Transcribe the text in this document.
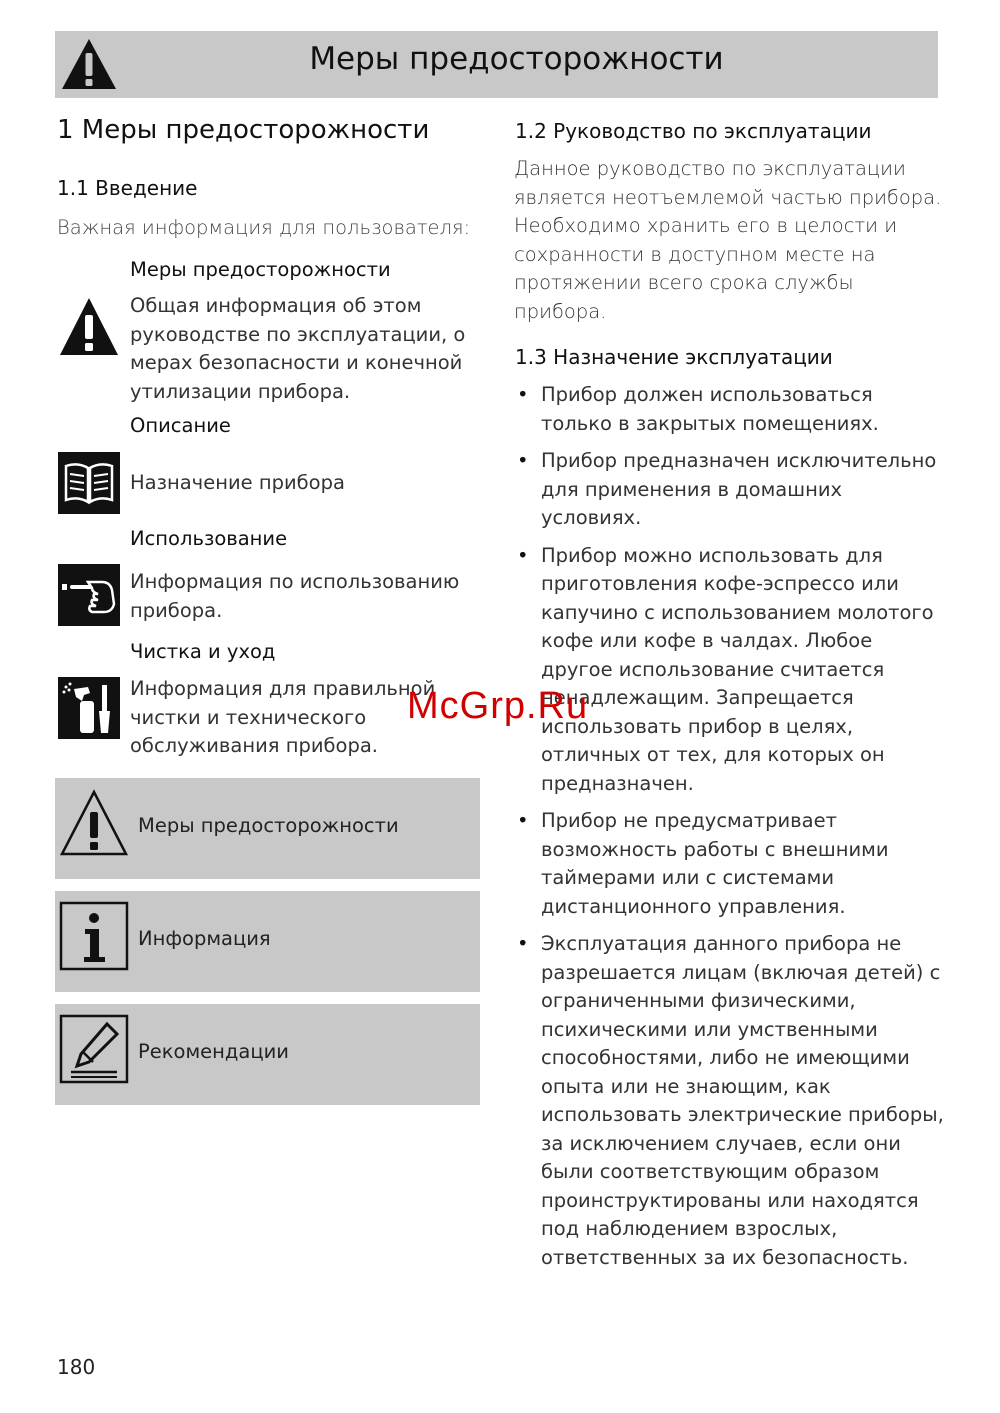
Меры предосторожности
1 Меры предосторожности
1.1 Введение
Важная информация для пользователя:
Меры предосторожности
Общая информация об этом руководстве по эксплуатации, о мерах безопасности и конечной утилизации прибора.
Описание
Назначение прибора
Использование
Информация по использованию прибора.
Чистка и уход
Информация для правильной чистки и технического обслуживания прибора.
Меры предосторожности
Информация
Рекомендации
1.2 Руководство по эксплуатации
Данное руководство по эксплуатации является неотъемлемой частью прибора. Необходимо хранить его в целости и сохранности в доступном месте на протяжении всего срока службы прибора.
1.3 Назначение эксплуатации
• Прибор должен использоваться только в закрытых помещениях.
• Прибор предназначен исключительно для применения в домашних условиях.
• Прибор можно использовать для приготовления кофе-эспрессо или капучино с использованием молотого кофе или кофе в чалдах. Любое другое использование считается ненадлежащим. Запрещается использовать прибор в целях, отличных от тех, для которых он предназначен.
• Прибор не предусматривает возможность работы с внешними таймерами или с системами дистанционного управления.
• Эксплуатация данного прибора не разрешается лицам (включая детей) с ограниченными физическими, психическими или умственными способностями, либо не имеющими опыта или не знающим, как использовать электрические приборы, за исключением случаев, если они были соответствующим образом проинструктированы или находятся под наблюдением взрослых, ответственных за их безопасность.
McGrp.Ru
180
